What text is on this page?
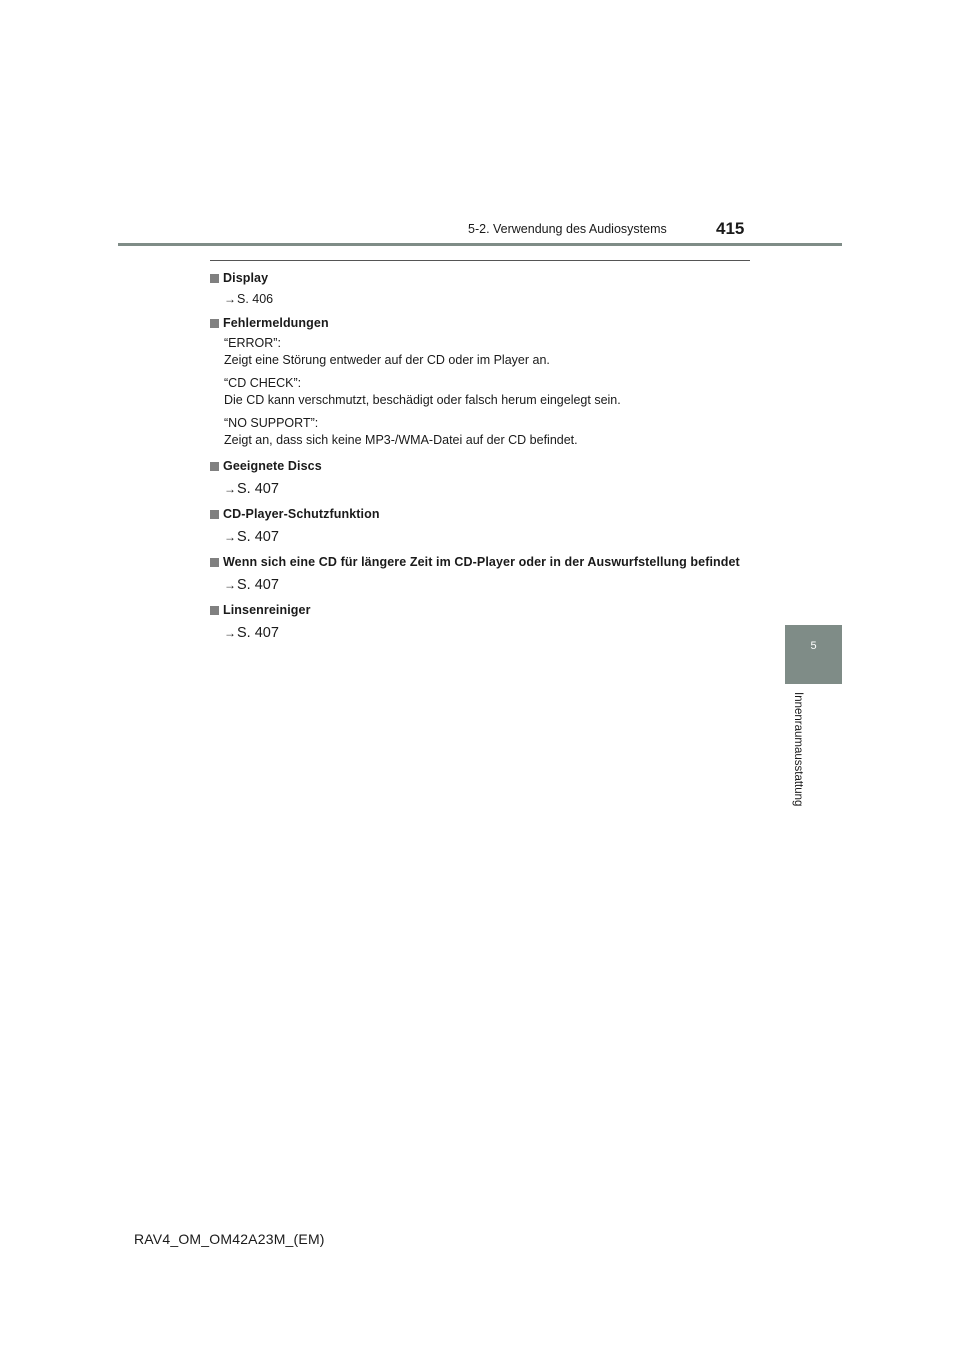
5-2. Verwendung des Audiosystems	415
Display
→ S. 406
Fehlermeldungen
“ERROR”:
Zeigt eine Störung entweder auf der CD oder im Player an.
“CD CHECK”:
Die CD kann verschmutzt, beschädigt oder falsch herum eingelegt sein.
“NO SUPPORT”:
Zeigt an, dass sich keine MP3-/WMA-Datei auf der CD befindet.
Geeignete Discs
→ S. 407
CD-Player-Schutzfunktion
→ S. 407
Wenn sich eine CD für längere Zeit im CD-Player oder in der Auswurfstellung befindet
→ S. 407
Linsenreiniger
→ S. 407
5
Innenraumausstattung
RAV4_OM_OM42A23M_(EM)
